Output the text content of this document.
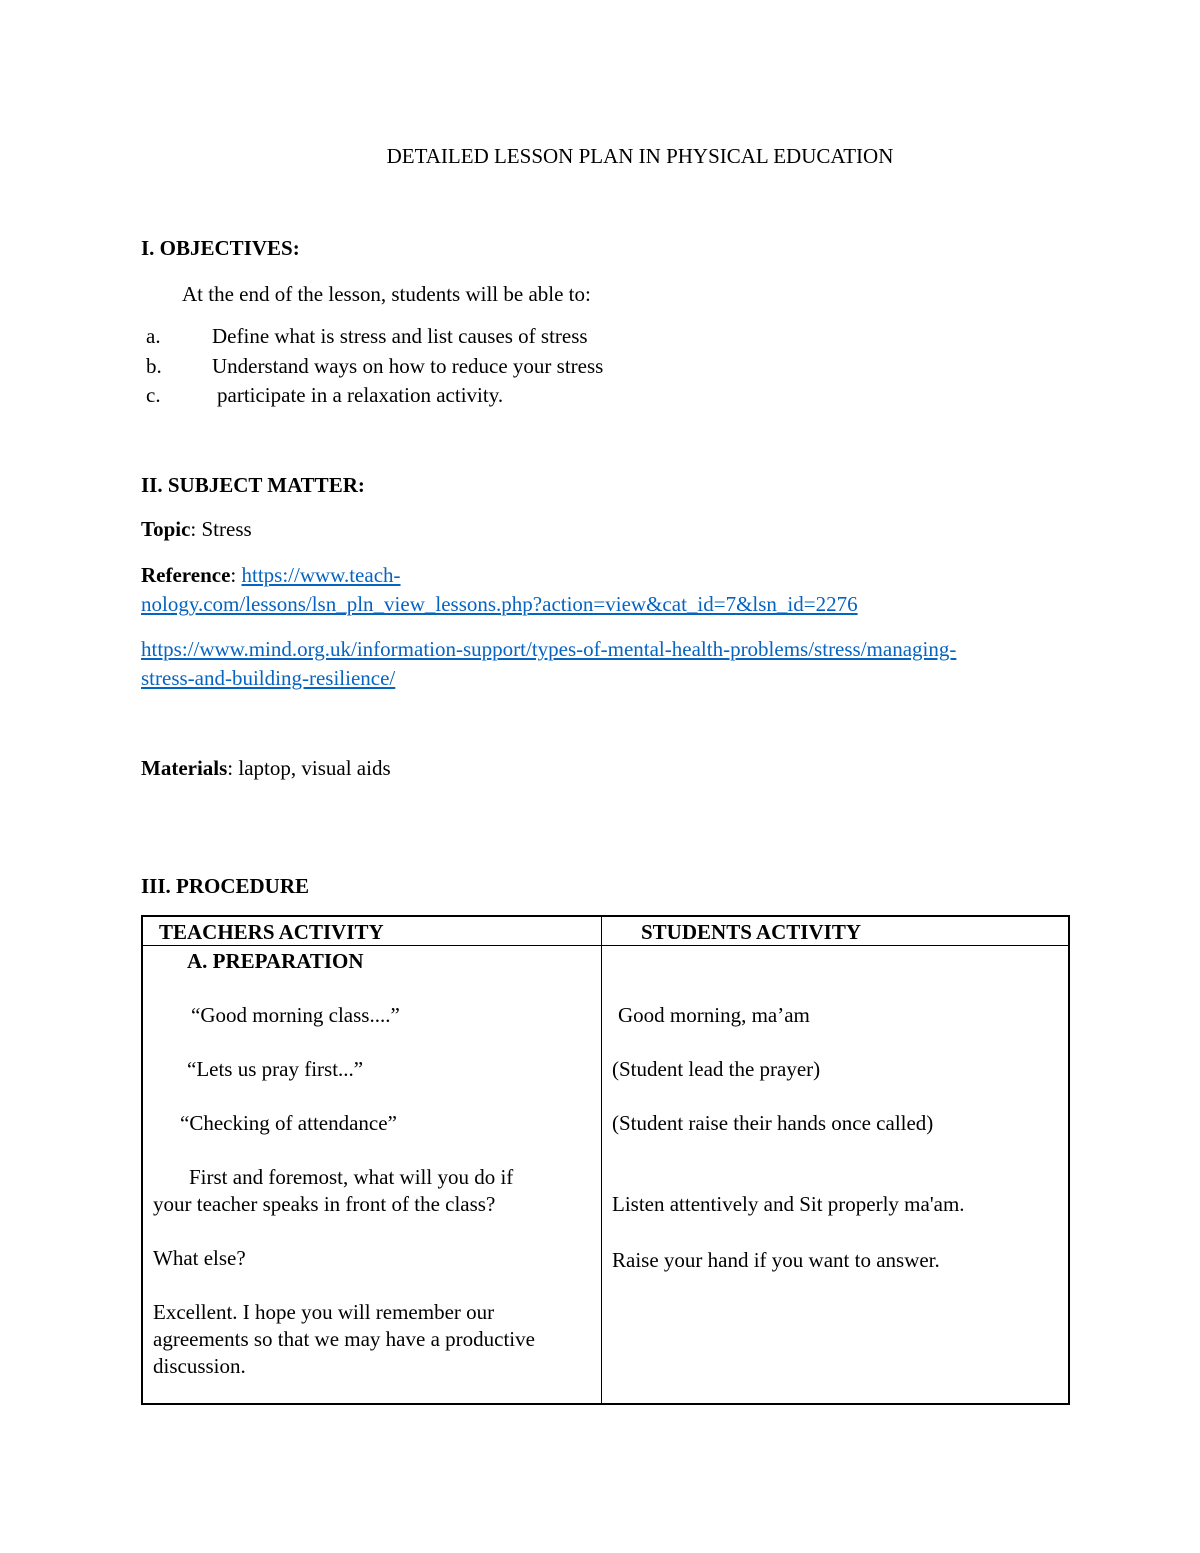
DETAILED LESSON PLAN IN PHYSICAL EDUCATION
I. OBJECTIVES:
At the end of the lesson, students will be able to:
a. Define what is stress and list causes of stress
b. Understand ways on how to reduce your stress
c.	participate in a relaxation activity.
II. SUBJECT MATTER:
Topic: Stress
Reference: https://www.teach-
nology.com/lessons/lsn_pln_view_lessons.php?action=view&cat_id=7&lsn_id=2276
https://www.mind.org.uk/information-support/types-of-mental-health-problems/stress/managing-
stress-and-building-resilience/
Materials: laptop, visual aids
III. PROCEDURE
TEACHERS ACTIVITY	STUDENTS ACTIVITY
A. PREPARATION
“Good morning class....”
“Lets us pray first...”
“Checking of attendance”
First and foremost, what will you do if
your teacher speaks in front of the class?
What else?
Excellent. I hope you will remember our
agreements so that we may have a productive
discussion.
Good morning, ma’am
(Student lead the prayer)
(Student raise their hands once called)
Listen attentively and Sit properly ma'am.
Raise your hand if you want to answer.
